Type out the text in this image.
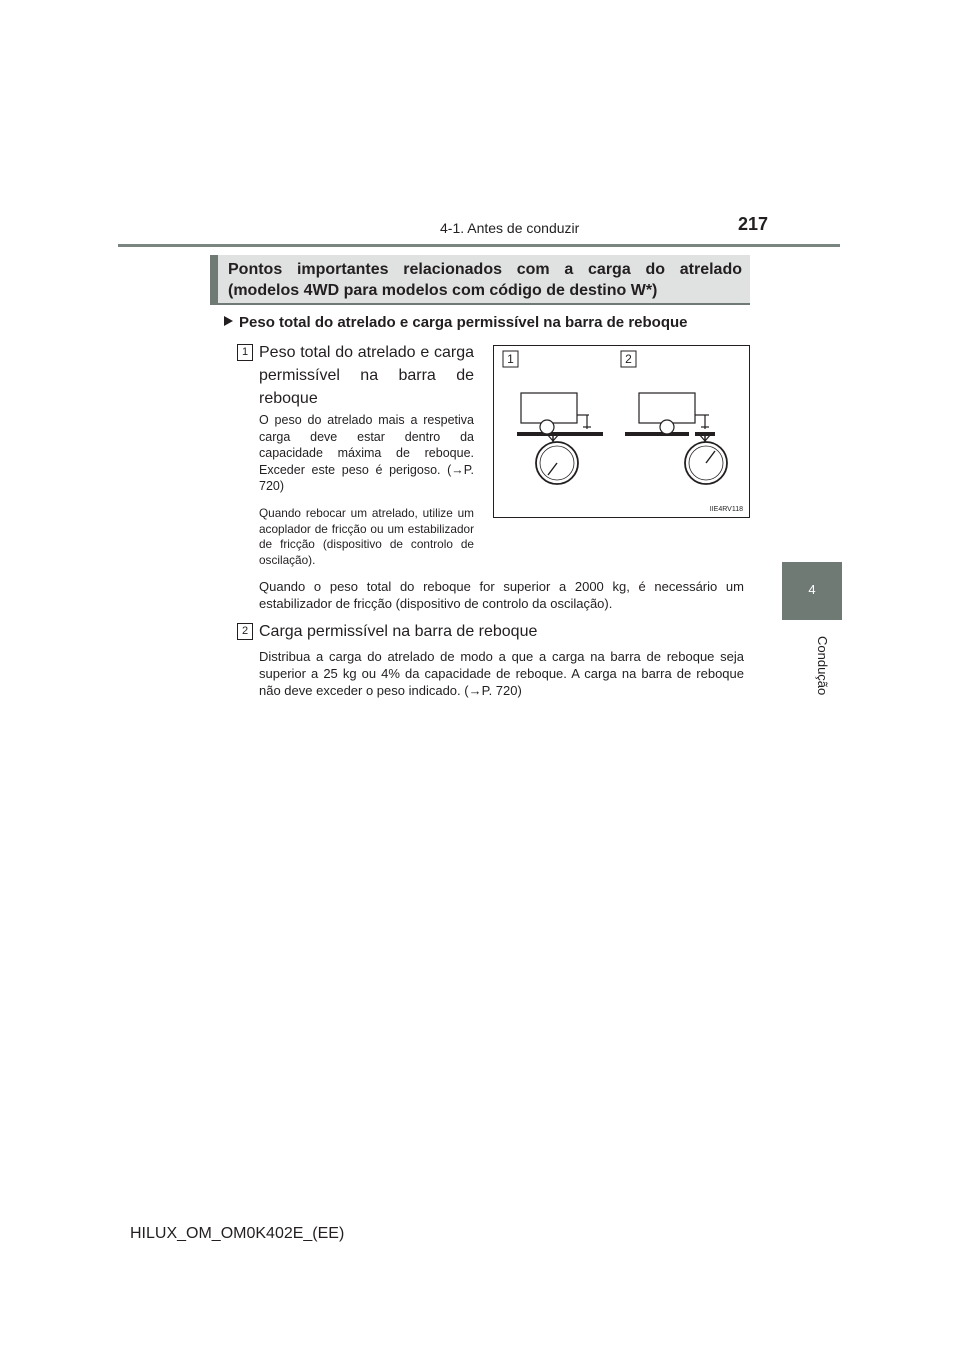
4-1. Antes de conduzir	217
4
Condução
Pontos importantes relacionados com a carga do atrelado (modelos 4WD para modelos com código de destino W*)
Peso total do atrelado e carga permissível na barra de reboque
1 Peso total do atrelado e carga permissível na barra de reboque
O peso do atrelado mais a respetiva carga deve estar dentro da capacidade máxima de reboque. Exceder este peso é perigoso. (→P. 720)
Quando rebocar um atrelado, utilize um acoplador de fricção ou um estabilizador de fricção (dispositivo de controlo de oscilação).
Quando o peso total do reboque for superior a 2000 kg, é necessário um estabilizador de fricção (dispositivo de controlo da oscilação).
1	2
IIE4RV118
2 Carga permissível na barra de reboque
Distribua a carga do atrelado de modo a que a carga na barra de reboque seja superior a 25 kg ou 4% da capacidade de reboque. A carga na barra de reboque não deve exceder o peso indicado. (→P. 720)
HILUX_OM_OM0K402E_(EE)
